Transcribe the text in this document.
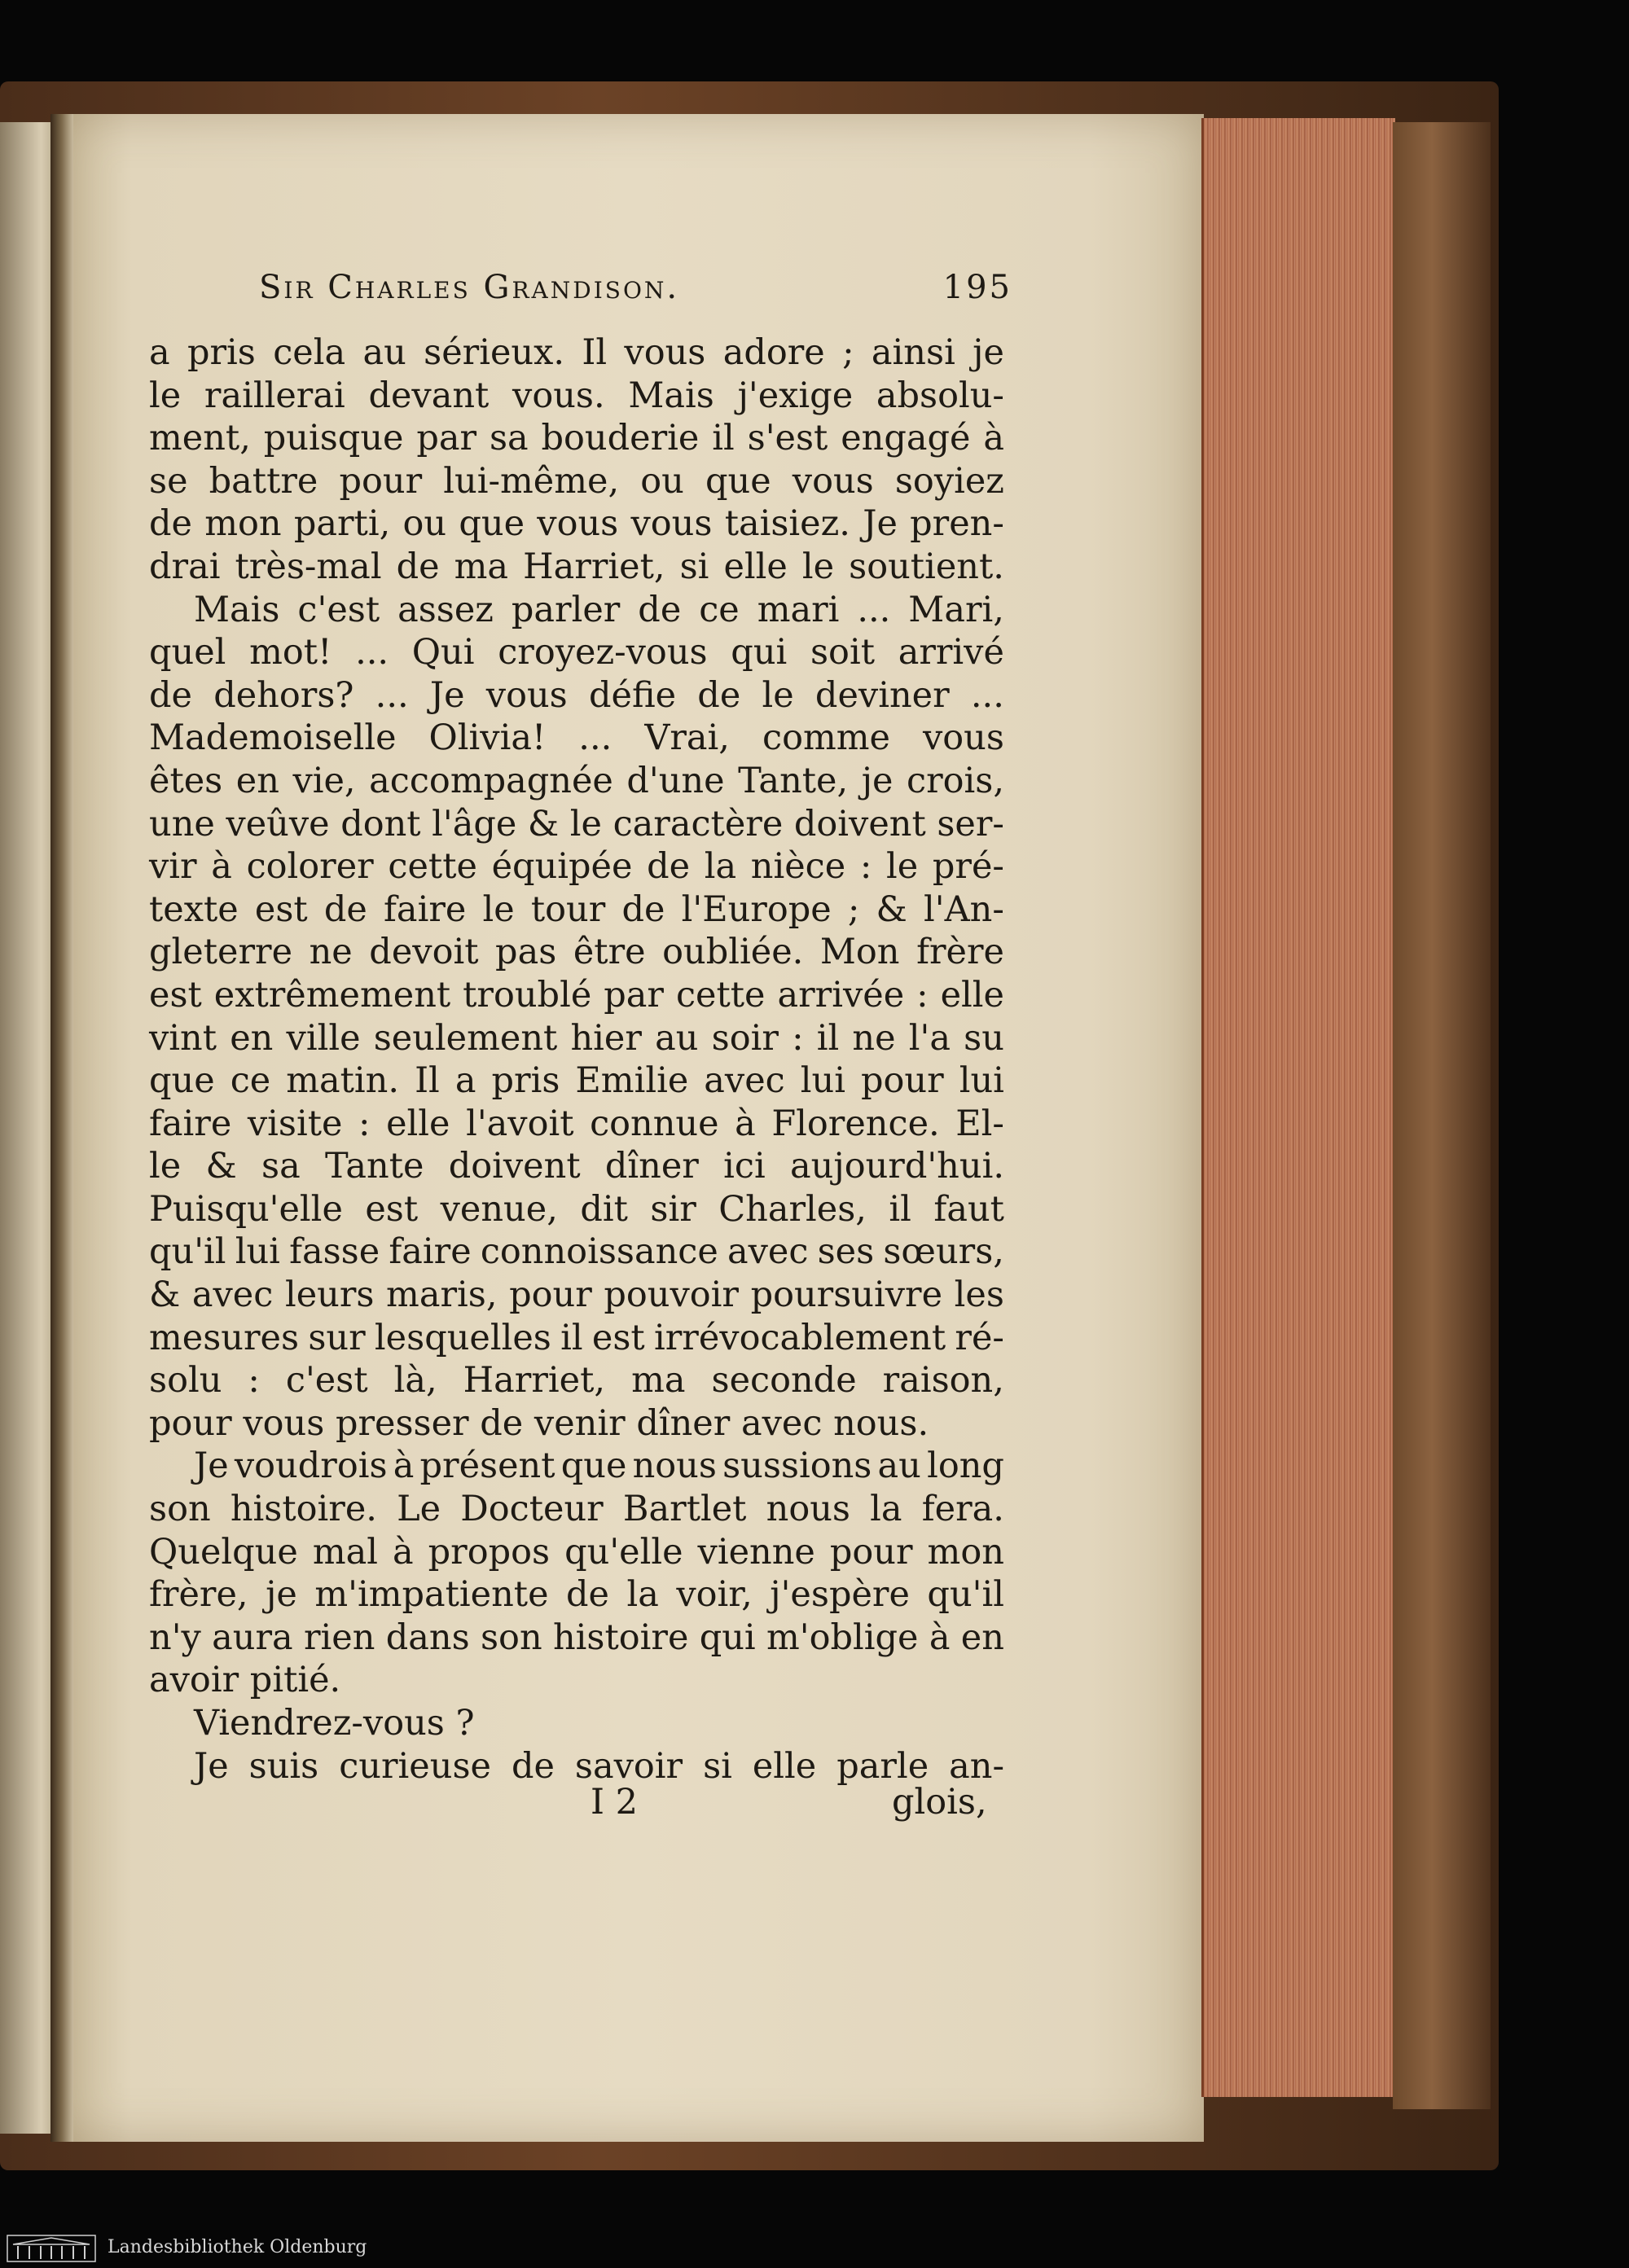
Sir Charles Grandison.	195
a pris cela au sérieux. Il vous adore ; ainsi je
le raillerai devant vous. Mais j'exige absolu-
ment, puisque par sa bouderie il s'est engagé à
se battre pour lui-même, ou que vous soyiez
de mon parti, ou que vous vous taisiez. Je pren-
drai très-mal de ma Harriet, si elle le soutient.
Mais c'est assez parler de ce mari ... Mari,
quel mot! ... Qui croyez-vous qui soit arrivé
de dehors? ... Je vous défie de le deviner ...
Mademoiselle Olivia! ... Vrai, comme vous
êtes en vie, accompagnée d'une Tante, je crois,
une veûve dont l'âge & le caractère doivent ser-
vir à colorer cette équipée de la nièce : le pré-
texte est de faire le tour de l'Europe ; & l'An-
gleterre ne devoit pas être oubliée. Mon frère
est extrêmement troublé par cette arrivée : elle
vint en ville seulement hier au soir : il ne l'a su
que ce matin. Il a pris Emilie avec lui pour lui
faire visite : elle l'avoit connue à Florence. El-
le & sa Tante doivent dîner ici aujourd'hui.
Puisqu'elle est venue, dit sir Charles, il faut
qu'il lui fasse faire connoissance avec ses sœurs,
& avec leurs maris, pour pouvoir poursuivre les
mesures sur lesquelles il est irrévocablement ré-
solu : c'est là, Harriet, ma seconde raison,
pour vous presser de venir dîner avec nous.
Je voudrois à présent que nous sussions au long
son histoire. Le Docteur Bartlet nous la fera.
Quelque mal à propos qu'elle vienne pour mon
frère, je m'impatiente de la voir, j'espère qu'il
n'y aura rien dans son histoire qui m'oblige à en
avoir pitié.
Viendrez-vous ?
Je suis curieuse de savoir si elle parle an-
I 2	glois,
Landesbibliothek Oldenburg
